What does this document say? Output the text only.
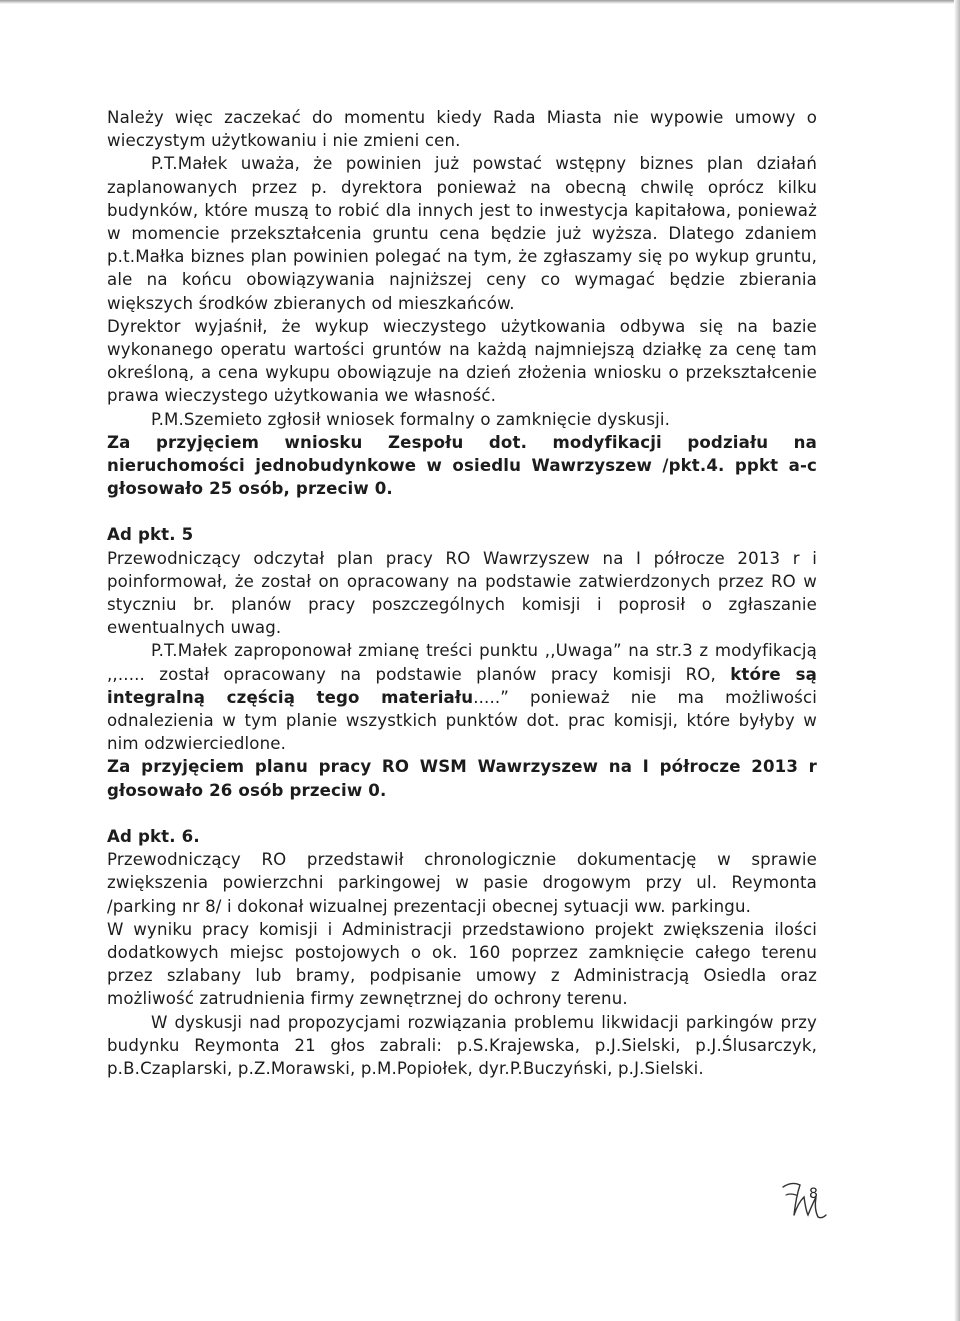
Należy więc zaczekać do momentu kiedy Rada Miasta nie wypowie umowy o wieczystym użytkowaniu i nie zmieni cen.

P.T.Małek uważa, że powinien już powstać wstępny biznes plan działań zaplanowanych przez p. dyrektora ponieważ na obecną chwilę oprócz kilku budynków, które muszą to robić dla innych jest to inwestycja kapitałowa, ponieważ w momencie przekształcenia gruntu cena będzie już wyższa. Dlatego zdaniem p.t.Małka biznes plan powinien polegać na tym, że zgłaszamy się po wykup gruntu, ale na końcu obowiązywania najniższej ceny co wymagać będzie zbierania większych środków zbieranych od mieszkańców.

Dyrektor wyjaśnił, że wykup wieczystego użytkowania odbywa się na bazie wykonanego operatu wartości gruntów na każdą najmniejszą działkę za cenę tam określoną, a cena wykupu obowiązuje na dzień złożenia wniosku o przekształcenie prawa wieczystego użytkowania we własność.

P.M.Szemieto zgłosił wniosek formalny o zamknięcie dyskusji.

Za przyjęciem wniosku Zespołu dot. modyfikacji podziału na nieruchomości jednobudynkowe w osiedlu Wawrzyszew /pkt.4. ppkt a-c głosowało 25 osób, przeciw 0.

Ad pkt. 5

Przewodniczący odczytał plan pracy RO Wawrzyszew na I półrocze 2013 r i poinformował, że został on opracowany na podstawie zatwierdzonych przez RO w styczniu br. planów pracy poszczególnych komisji i poprosił o zgłaszanie ewentualnych uwag.

P.T.Małek zaproponował zmianę treści punktu ,,Uwaga” na str.3 z modyfikacją ,,..... został opracowany na podstawie planów pracy komisji RO, które są integralną częścią tego materiału.....” ponieważ nie ma możliwości odnalezienia w tym planie wszystkich punktów dot. prac komisji, które byłyby w nim odzwierciedlone.

Za przyjęciem planu pracy RO WSM Wawrzyszew na I półrocze 2013 r głosowało 26 osób przeciw 0.

Ad pkt. 6.

Przewodniczący RO przedstawił chronologicznie dokumentację w sprawie zwiększenia powierzchni parkingowej w pasie drogowym przy ul. Reymonta /parking nr 8/ i dokonał wizualnej prezentacji obecnej sytuacji ww. parkingu.

W wyniku pracy komisji i Administracji przedstawiono projekt zwiększenia ilości dodatkowych miejsc postojowych o ok. 160 poprzez zamknięcie całego terenu przez szlabany lub bramy, podpisanie umowy z Administracją Osiedla oraz możliwość zatrudnienia firmy zewnętrznej do ochrony terenu.

W dyskusji nad propozycjami rozwiązania problemu likwidacji parkingów przy budynku Reymonta 21 głos zabrali: p.S.Krajewska, p.J.Sielski, p.J.Ślusarczyk, p.B.Czaplarski, p.Z.Morawski, p.M.Popiołek, dyr.P.Buczyński, p.J.Sielski.

8
